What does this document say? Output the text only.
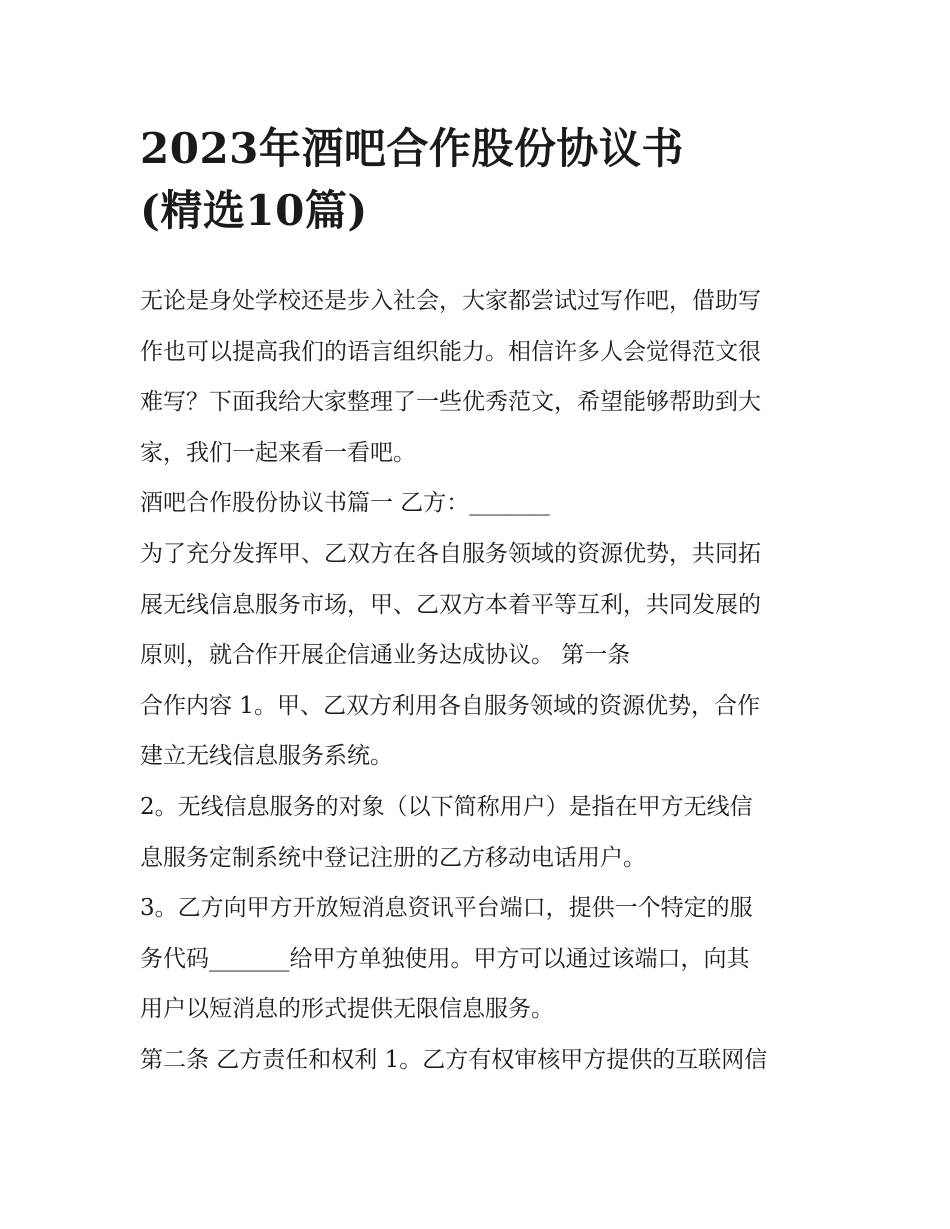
2023年酒吧合作股份协议书
(精选10篇)

无论是身处学校还是步入社会，大家都尝试过写作吧，借助写
作也可以提高我们的语言组织能力。相信许多人会觉得范文很
难写？下面我给大家整理了一些优秀范文，希望能够帮助到大
家，我们一起来看一看吧。

酒吧合作股份协议书篇一 乙方：_______

为了充分发挥甲、乙双方在各自服务领域的资源优势，共同拓
展无线信息服务市场，甲、乙双方本着平等互利，共同发展的
原则，就合作开展企信通业务达成协议。 第一条

合作内容 1。甲、乙双方利用各自服务领域的资源优势，合作
建立无线信息服务系统。

2。无线信息服务的对象（以下简称用户）是指在甲方无线信
息服务定制系统中登记注册的乙方移动电话用户。

3。乙方向甲方开放短消息资讯平台端口，提供一个特定的服
务代码_______给甲方单独使用。甲方可以通过该端口，向其
用户以短消息的形式提供无限信息服务。

第二条 乙方责任和权利 1。乙方有权审核甲方提供的互联网信
